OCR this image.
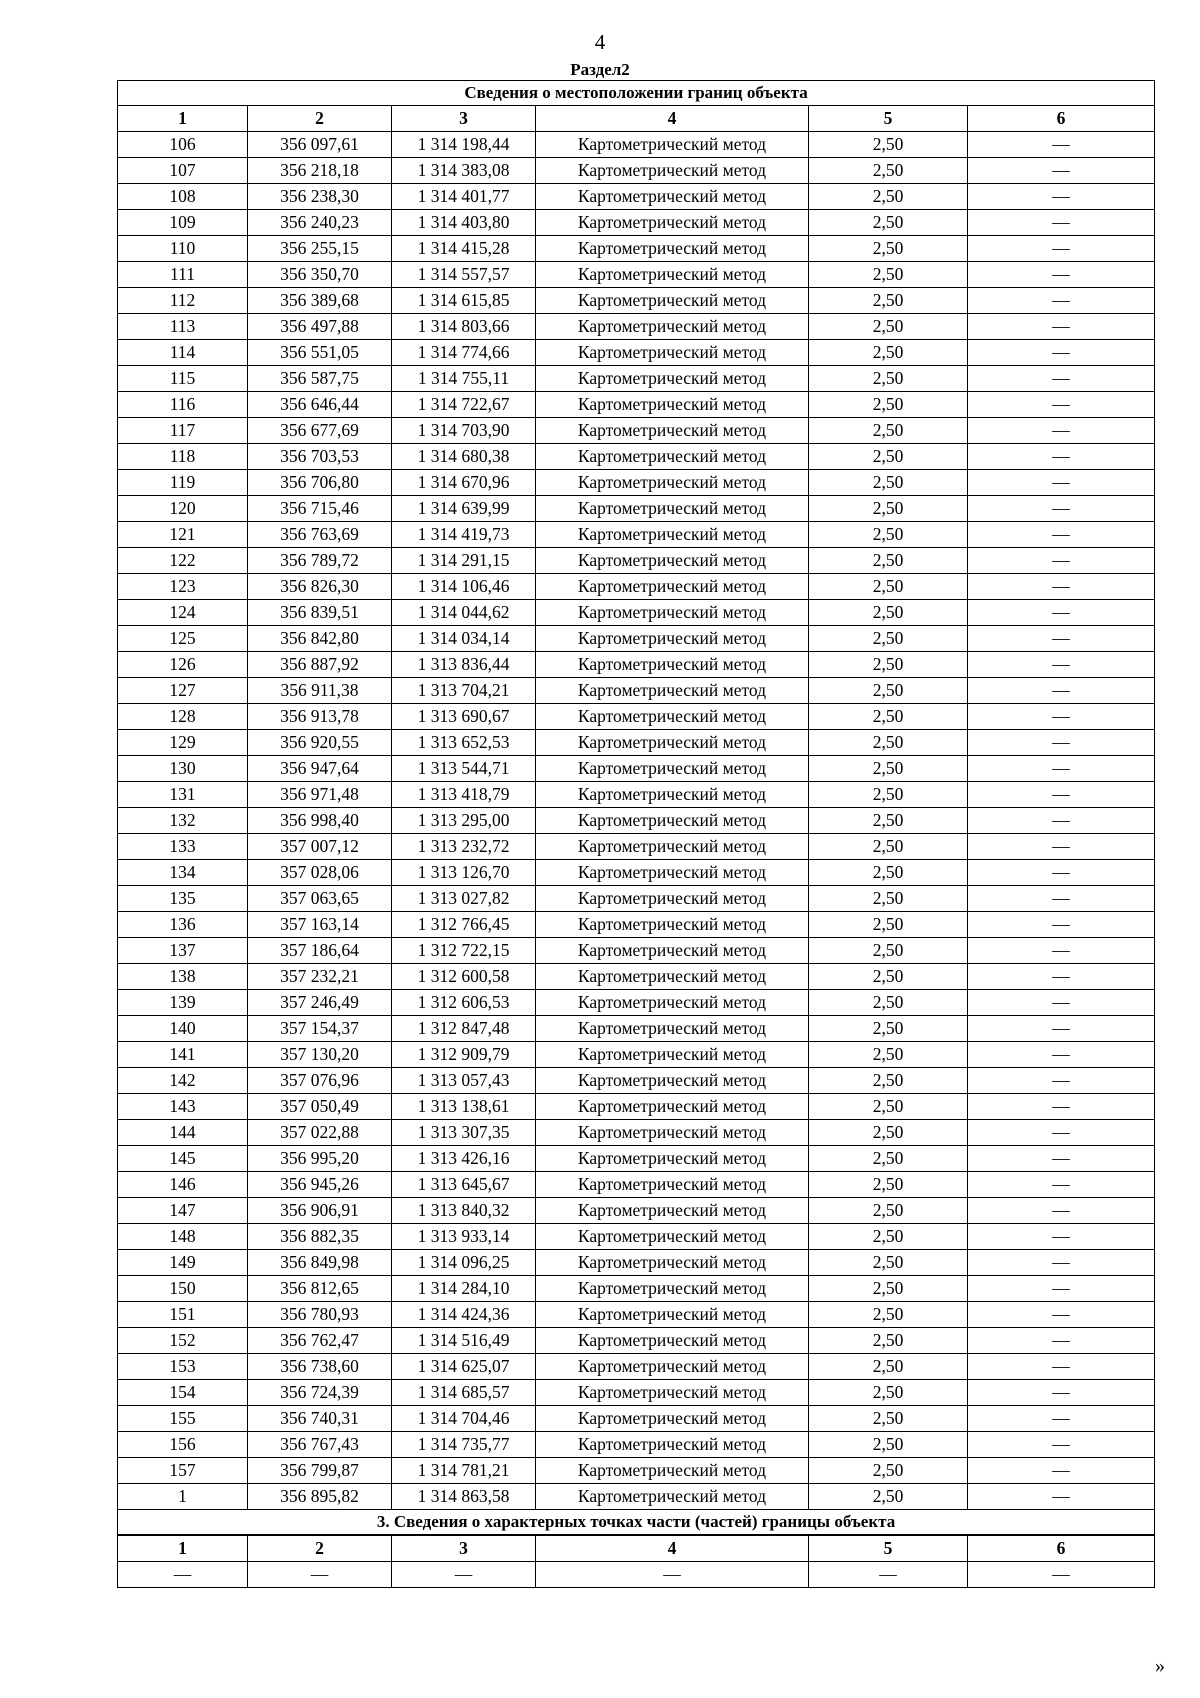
4
Раздел2
Сведения о местоположении границ объекта					
1	2	3	4	5	6
106	356 097,61	1 314 198,44	Картометрический метод	2,50	—
107	356 218,18	1 314 383,08	Картометрический метод	2,50	—
108	356 238,30	1 314 401,77	Картометрический метод	2,50	—
109	356 240,23	1 314 403,80	Картометрический метод	2,50	—
110	356 255,15	1 314 415,28	Картометрический метод	2,50	—
111	356 350,70	1 314 557,57	Картометрический метод	2,50	—
112	356 389,68	1 314 615,85	Картометрический метод	2,50	—
113	356 497,88	1 314 803,66	Картометрический метод	2,50	—
114	356 551,05	1 314 774,66	Картометрический метод	2,50	—
115	356 587,75	1 314 755,11	Картометрический метод	2,50	—
116	356 646,44	1 314 722,67	Картометрический метод	2,50	—
117	356 677,69	1 314 703,90	Картометрический метод	2,50	—
118	356 703,53	1 314 680,38	Картометрический метод	2,50	—
119	356 706,80	1 314 670,96	Картометрический метод	2,50	—
120	356 715,46	1 314 639,99	Картометрический метод	2,50	—
121	356 763,69	1 314 419,73	Картометрический метод	2,50	—
122	356 789,72	1 314 291,15	Картометрический метод	2,50	—
123	356 826,30	1 314 106,46	Картометрический метод	2,50	—
124	356 839,51	1 314 044,62	Картометрический метод	2,50	—
125	356 842,80	1 314 034,14	Картометрический метод	2,50	—
126	356 887,92	1 313 836,44	Картометрический метод	2,50	—
127	356 911,38	1 313 704,21	Картометрический метод	2,50	—
128	356 913,78	1 313 690,67	Картометрический метод	2,50	—
129	356 920,55	1 313 652,53	Картометрический метод	2,50	—
130	356 947,64	1 313 544,71	Картометрический метод	2,50	—
131	356 971,48	1 313 418,79	Картометрический метод	2,50	—
132	356 998,40	1 313 295,00	Картометрический метод	2,50	—
133	357 007,12	1 313 232,72	Картометрический метод	2,50	—
134	357 028,06	1 313 126,70	Картометрический метод	2,50	—
135	357 063,65	1 313 027,82	Картометрический метод	2,50	—
136	357 163,14	1 312 766,45	Картометрический метод	2,50	—
137	357 186,64	1 312 722,15	Картометрический метод	2,50	—
138	357 232,21	1 312 600,58	Картометрический метод	2,50	—
139	357 246,49	1 312 606,53	Картометрический метод	2,50	—
140	357 154,37	1 312 847,48	Картометрический метод	2,50	—
141	357 130,20	1 312 909,79	Картометрический метод	2,50	—
142	357 076,96	1 313 057,43	Картометрический метод	2,50	—
143	357 050,49	1 313 138,61	Картометрический метод	2,50	—
144	357 022,88	1 313 307,35	Картометрический метод	2,50	—
145	356 995,20	1 313 426,16	Картометрический метод	2,50	—
146	356 945,26	1 313 645,67	Картометрический метод	2,50	—
147	356 906,91	1 313 840,32	Картометрический метод	2,50	—
148	356 882,35	1 313 933,14	Картометрический метод	2,50	—
149	356 849,98	1 314 096,25	Картометрический метод	2,50	—
150	356 812,65	1 314 284,10	Картометрический метод	2,50	—
151	356 780,93	1 314 424,36	Картометрический метод	2,50	—
152	356 762,47	1 314 516,49	Картометрический метод	2,50	—
153	356 738,60	1 314 625,07	Картометрический метод	2,50	—
154	356 724,39	1 314 685,57	Картометрический метод	2,50	—
155	356 740,31	1 314 704,46	Картометрический метод	2,50	—
156	356 767,43	1 314 735,77	Картометрический метод	2,50	—
157	356 799,87	1 314 781,21	Картометрический метод	2,50	—
1	356 895,82	1 314 863,58	Картометрический метод	2,50	—
3. Сведения о характерных точках части (частей) границы объекта					
1	2	3	4	5	6
—	—	—	—	—	—
»
